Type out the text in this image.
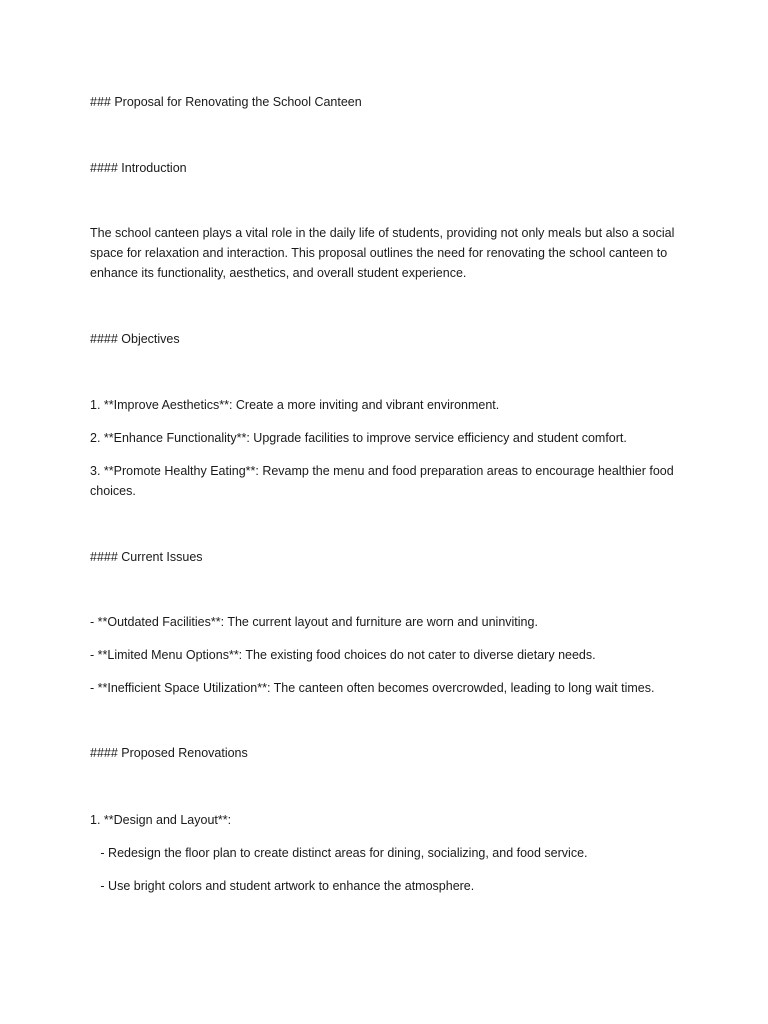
### Proposal for Renovating the School Canteen

#### Introduction

The school canteen plays a vital role in the daily life of students, providing not only meals but also a social space for relaxation and interaction. This proposal outlines the need for renovating the school canteen to enhance its functionality, aesthetics, and overall student experience.

#### Objectives

1. **Improve Aesthetics**: Create a more inviting and vibrant environment.

2. **Enhance Functionality**: Upgrade facilities to improve service efficiency and student comfort.

3. **Promote Healthy Eating**: Revamp the menu and food preparation areas to encourage healthier food choices.

#### Current Issues

- **Outdated Facilities**: The current layout and furniture are worn and uninviting.

- **Limited Menu Options**: The existing food choices do not cater to diverse dietary needs.

- **Inefficient Space Utilization**: The canteen often becomes overcrowded, leading to long wait times.

#### Proposed Renovations

1. **Design and Layout**:

- Redesign the floor plan to create distinct areas for dining, socializing, and food service.

- Use bright colors and student artwork to enhance the atmosphere.
